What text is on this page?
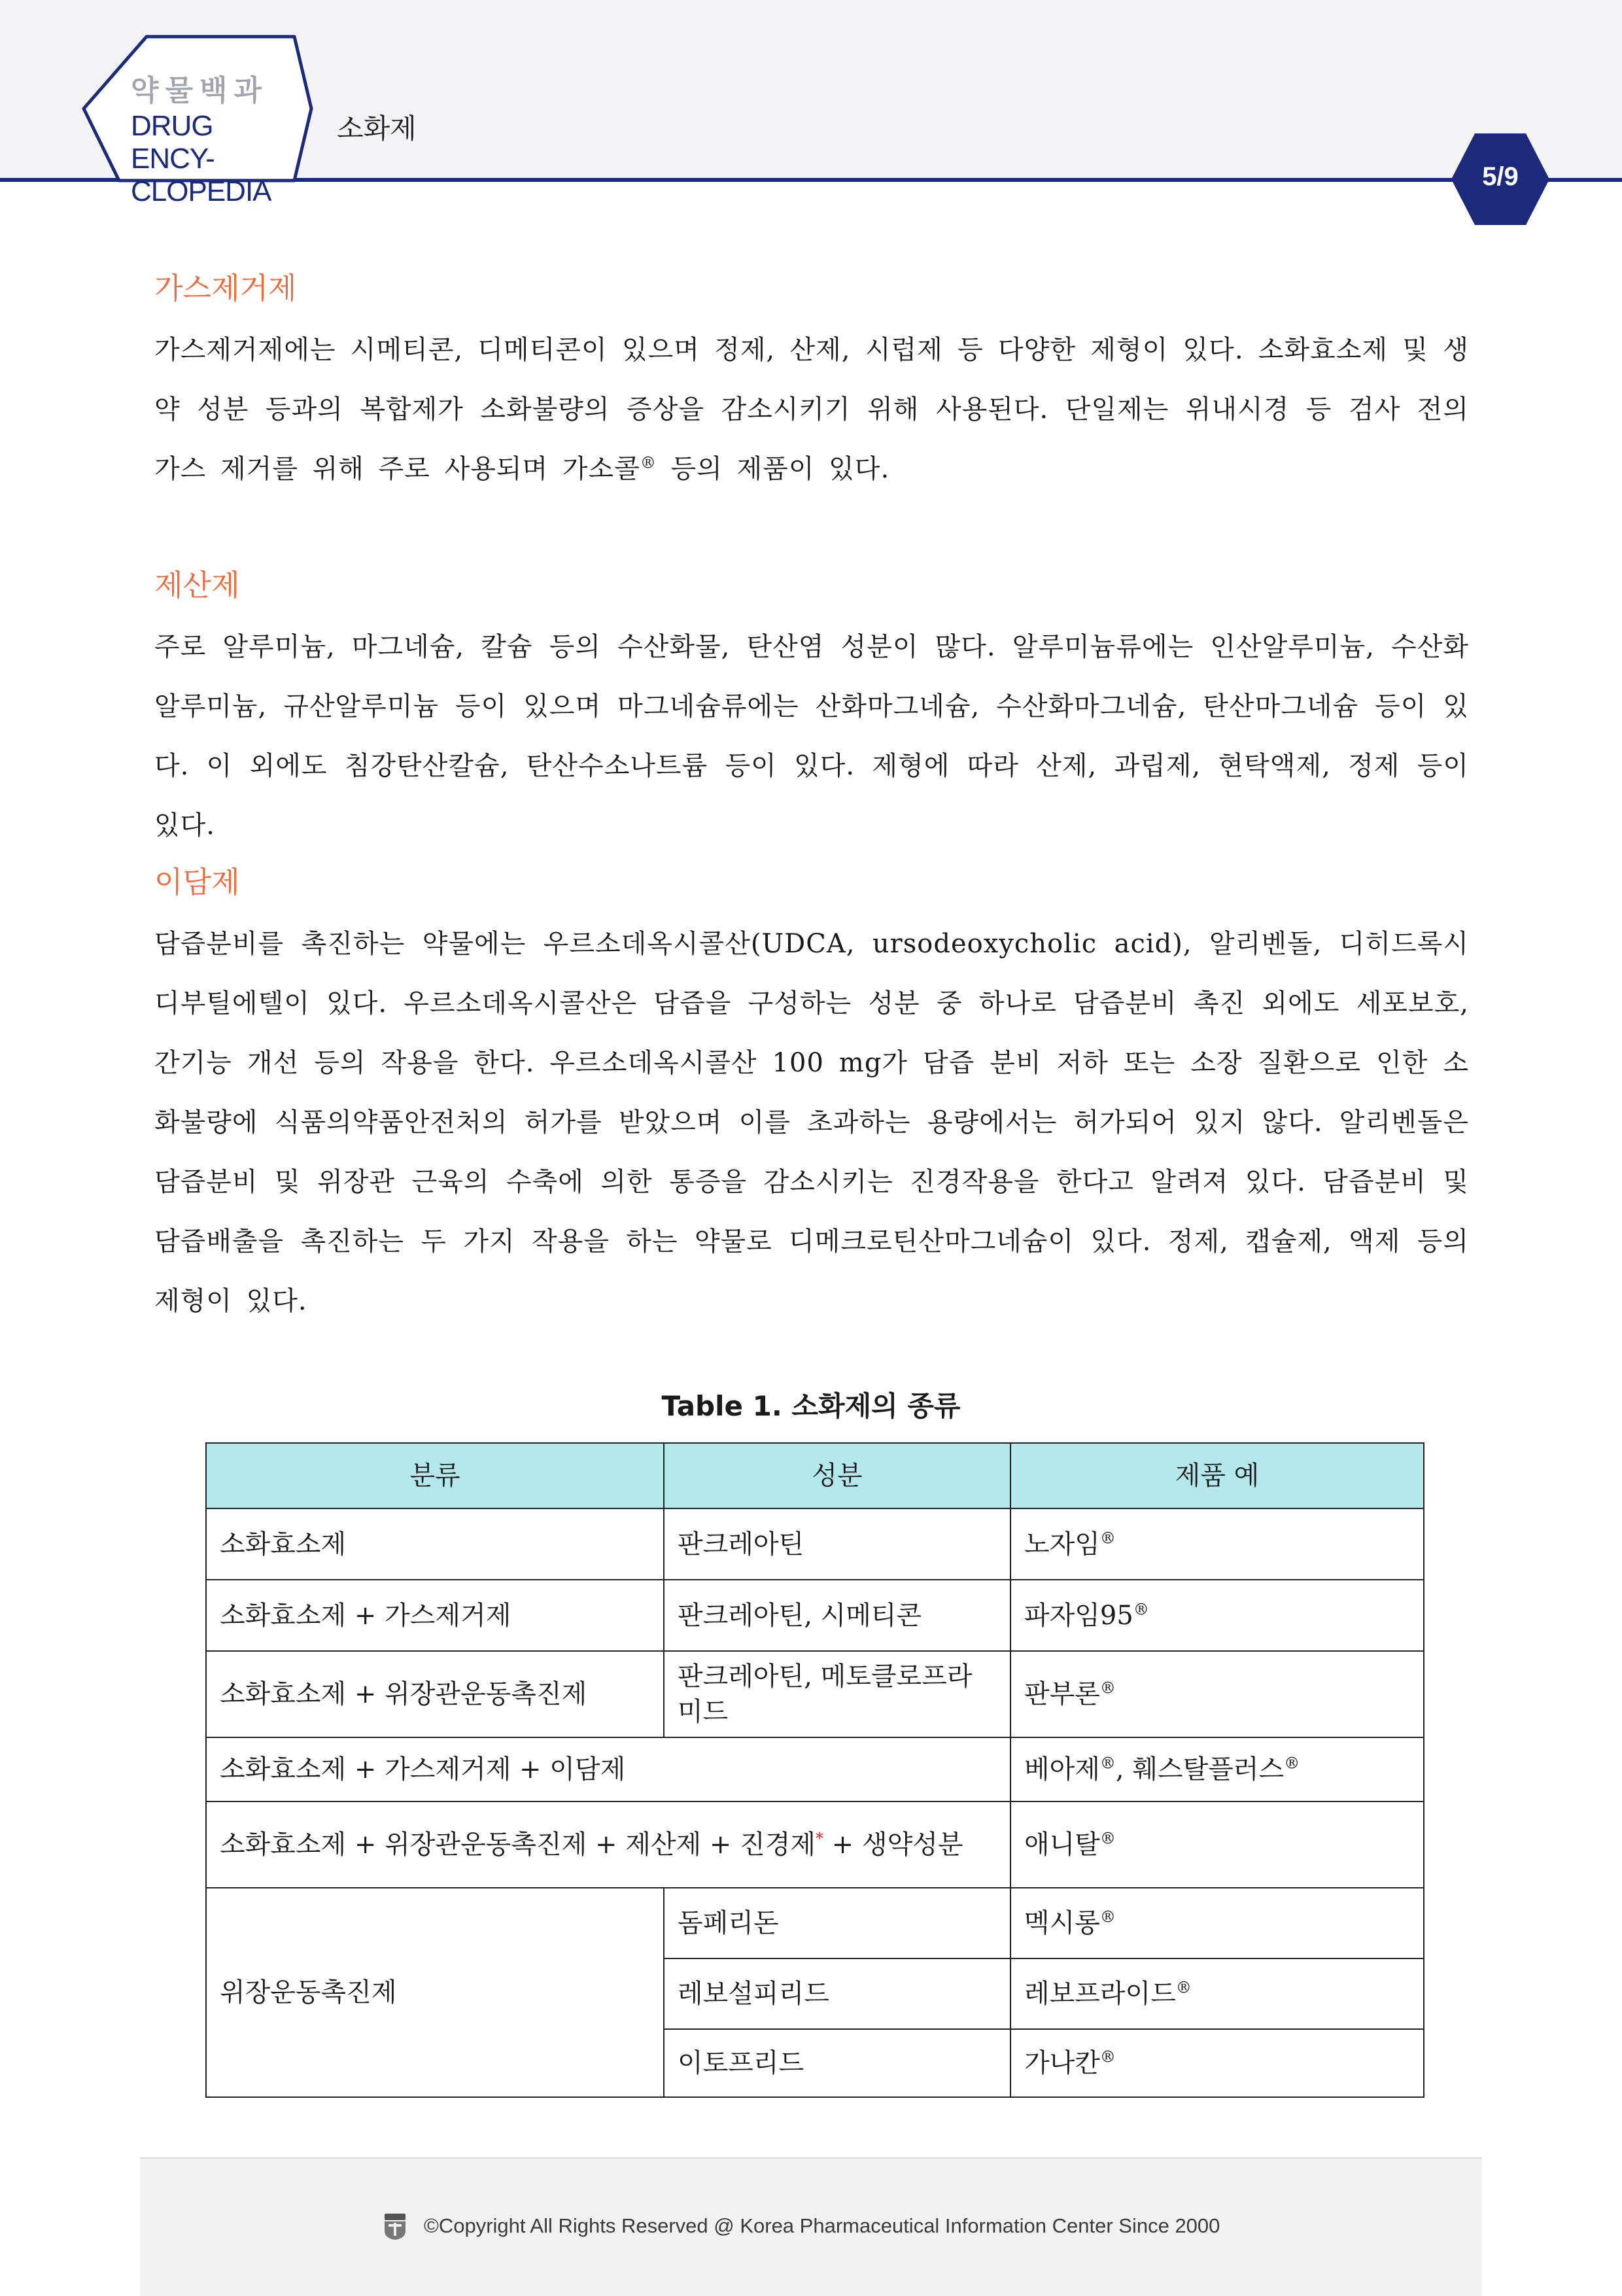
약물백과
DRUG ENCY-
CLOPEDIA
소화제
5/9
가스제거제
가스제거제에는 시메티콘, 디메티콘이 있으며 정제, 산제, 시럽제 등 다양한 제형이 있다. 소화효소제 및 생약 성분 등과의 복합제가 소화불량의 증상을 감소시키기 위해 사용된다. 단일제는 위내시경 등 검사 전의 가스 제거를 위해 주로 사용되며 가소콜® 등의 제품이 있다.
제산제
주로 알루미늄, 마그네슘, 칼슘 등의 수산화물, 탄산염 성분이 많다. 알루미늄류에는 인산알루미늄, 수산화알루미늄, 규산알루미늄 등이 있으며 마그네슘류에는 산화마그네슘, 수산화마그네슘, 탄산마그네슘 등이 있다. 이 외에도 침강탄산칼슘, 탄산수소나트륨 등이 있다. 제형에 따라 산제, 과립제, 현탁액제, 정제 등이 있다.
이담제
담즙분비를 촉진하는 약물에는 우르소데옥시콜산(UDCA, ursodeoxycholic acid), 알리벤돌, 디히드록시디부틸에텔이 있다. 우르소데옥시콜산은 담즙을 구성하는 성분 중 하나로 담즙분비 촉진 외에도 세포보호, 간기능 개선 등의 작용을 한다. 우르소데옥시콜산 100 mg가 담즙 분비 저하 또는 소장 질환으로 인한 소화불량에 식품의약품안전처의 허가를 받았으며 이를 초과하는 용량에서는 허가되어 있지 않다. 알리벤돌은 담즙분비 및 위장관 근육의 수축에 의한 통증을 감소시키는 진경작용을 한다고 알려져 있다. 담즙분비 및 담즙배출을 촉진하는 두 가지 작용을 하는 약물로 디메크로틴산마그네슘이 있다. 정제, 캡슐제, 액제 등의 제형이 있다.
Table 1. 소화제의 종류
분류	성분	제품 예
소화효소제	판크레아틴	노자임®
소화효소제 + 가스제거제	판크레아틴, 시메티콘	파자임95®
소화효소제 + 위장관운동촉진제	판크레아틴, 메토클로프라미드	판부론®
소화효소제 + 가스제거제 + 이담제		베아제®, 훼스탈플러스®
소화효소제 + 위장관운동촉진제 + 제산제 + 진경제* + 생약성분		애니탈®
위장운동촉진제	돔페리돈	멕시롱®
	레보설피리드	레보프라이드®
	이토프리드	가나칸®
©Copyright All Rights Reserved @ Korea Pharmaceutical Information Center Since 2000
